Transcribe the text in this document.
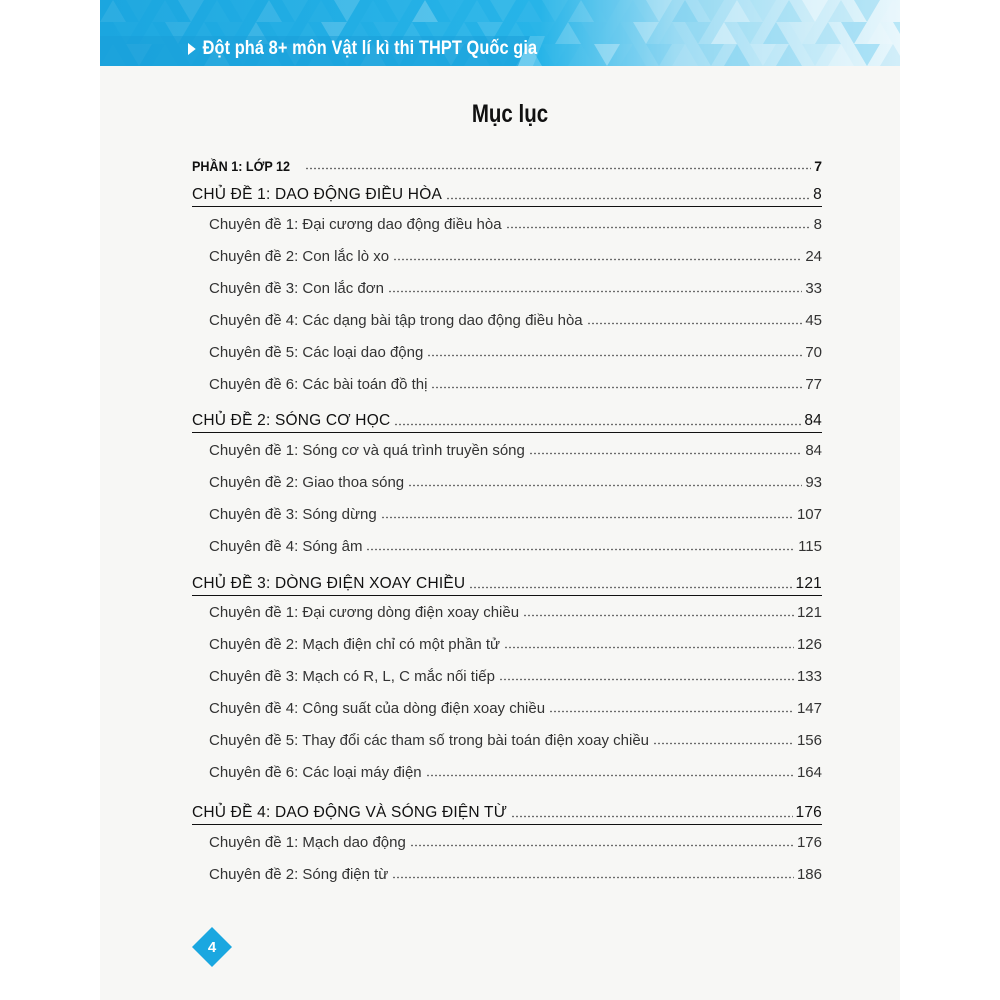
Đột phá 8+ môn Vật lí kì thi THPT Quốc gia
Mục lục
PHẦN 1: LỚP 12	7
CHỦ ĐỀ 1: DAO ĐỘNG ĐIỀU HÒA	8
Chuyên đề 1: Đại cương dao động điều hòa	8
Chuyên đề 2: Con lắc lò xo	24
Chuyên đề 3: Con lắc đơn	33
Chuyên đề 4: Các dạng bài tập trong dao động điều hòa	45
Chuyên đề 5: Các loại dao động	70
Chuyên đề 6: Các bài toán đồ thị	77
CHỦ ĐỀ 2: SÓNG CƠ HỌC	84
Chuyên đề 1: Sóng cơ và quá trình truyền sóng	84
Chuyên đề 2: Giao thoa sóng	93
Chuyên đề 3: Sóng dừng	107
Chuyên đề 4: Sóng âm	115
CHỦ ĐỀ 3: DÒNG ĐIỆN XOAY CHIỀU	121
Chuyên đề 1: Đại cương dòng điện xoay chiều	121
Chuyên đề 2: Mạch điện chỉ có một phần tử	126
Chuyên đề 3: Mạch có R, L, C mắc nối tiếp	133
Chuyên đề 4: Công suất của dòng điện xoay chiều	147
Chuyên đề 5: Thay đổi các tham số trong bài toán điện xoay chiều	156
Chuyên đề 6: Các loại máy điện	164
CHỦ ĐỀ 4: DAO ĐỘNG VÀ SÓNG ĐIỆN TỪ	176
Chuyên đề 1: Mạch dao động	176
Chuyên đề 2: Sóng điện từ	186
4
